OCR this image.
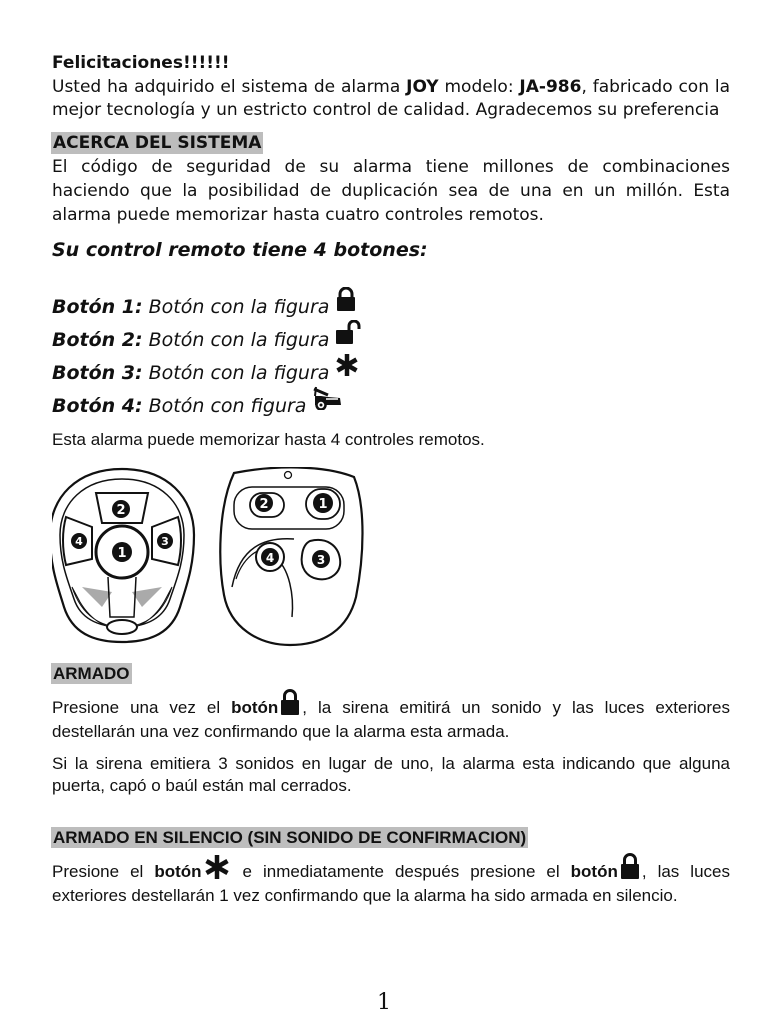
Felicitaciones!!!!!!
Usted ha adquirido el sistema de alarma JOY modelo: JA-986, fabricado con la mejor tecnología y un estricto control de calidad. Agradecemos su preferencia
ACERCA DEL SISTEMA
El código de seguridad de su alarma tiene millones de combinaciones haciendo que la posibilidad de duplicación sea de una en un millón. Esta alarma puede memorizar hasta cuatro controles remotos.
Su control remoto tiene 4 botones:
Botón 1: Botón con la figura
Botón 2: Botón con la figura
Botón 3: Botón con la figura
Botón 4: Botón con figura
Esta alarma puede memorizar hasta 4 controles remotos.
2
4	3
1
2	1
4	3
ARMADO

Presione una vez el botón , la sirena emitirá un sonido y las luces exteriores destellarán una vez confirmando que la alarma esta armada.

Si la sirena emitiera 3 sonidos en lugar de uno, la alarma esta indicando que alguna puerta, capó o baúl están mal cerrados.

ARMADO EN SILENCIO (SIN SONIDO DE CONFIRMACION)

Presione el botón e inmediatamente después presione el botón , las luces exteriores destellarán 1 vez confirmando que la alarma ha sido armada en silencio.

1
